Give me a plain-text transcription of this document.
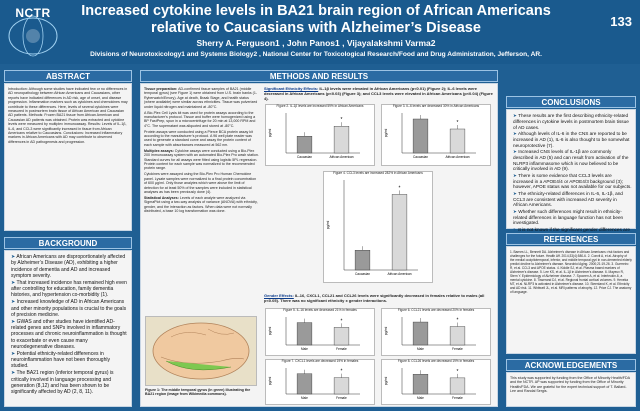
NCTR	Increased cytokine levels in BA21 brain region of African Americans
relative to Caucasians with Alzheimer’s Disease
Sherry A. Ferguson1 , John Panos1 , Vijayalakshmi Varma2
Divisions of Neurotoxicology1 and Systems Biology2 , National Center for Toxicological Research/Food and Drug Administration, Jefferson, AR.
133
ABSTRACT
Introduction: Although some studies have indicated few or no differences in AD neuropathology between African Americans and Caucasians, other reports have indicated differences in AD risk, age of onset, and disease progression. Inflammation markers such as cytokines and chemokines may contribute to these differences. Here, levels of several cytokines were measured in postmortem brain tissue of African American and Caucasian AD patients. Methods: Frozen BA21 tissue from African American and Caucasian AD patients was obtained. Protein was extracted and cytokine levels were measured by multiplex immunoassay. Results: Levels of IL-1β, IL-6, and CCL3 were significantly increased in tissue from African Americans relative to Caucasians. Conclusions: Increased inflammatory markers in African Americans with AD may contribute to observed differences in AD pathogenesis and progression.
BACKGROUND
➤ African Americans are disproportionately affected by Alzheimer’s Disease (AD), exhibiting a higher incidence of dementia and AD and increased symptom severity.
➤ That increased incidence has remained high even after controlling for education, family dementia histories, and hypertension co-morbidity (1).
➤ Increased knowledge of AD in African Americans and other minority populations is crucial to the goals of precision medicine.
➤ GWAS and other studies have identified AD-related genes and SNPs involved in inflammatory processes and chronic neuroinflammation is thought to exacerbate or even cause many neurodegenerative diseases.
➤ Potential ethnicity-related differences in neuroinflammation have not been thoroughly studied.
➤ The BA21 region (inferior temporal gyrus) is critically involved in language processing and generation (8,12) and has been shown to be significantly affected by AD (2, 8, 11).
METHODS AND RESULTS

Tissue preparation: AD-confirmed tissue samples of BA21 (middle temporal gyrus) (see Figure 1) were obtained from U.S. brain banks (1-Ryberwatch/Emory). Age at death, Braak Stage, and health status (where available) were similar across ethnicities. Tissue was pulverized under liquid nitrogen and maintained at -80°C.

A Bio-Plex Cell Lysis kit was used for protein assays according to the manufacturer’s protocol. Tissue and buffer were homogenized using a BP FastPrep, spun in a microcentrifuge for 20 min at 13,000 RPM and 4°C. The supernatant was aliquoted and stored at -80°C.

Protein assays were conducted using a Pierce BCA protein assay kit according to the manufacturer’s protocol. A 96 well plate reader was used to generate a standard curve and assay the protein content of each sample with absorbances measured at 562 nm.

Multiplex assays: Cytokine assays were conducted using a Bio-Plex 200 immunoassay system with an automated Bio-Plex Pro wash station. Standard curves for all assays were fitted using logistic 5PL regression. Protein content for each sample was normalized to the recommended protein range.

Cytokines were assayed using the Bio-Plex Pro Human Chemokine panel. Lysate samples were normalized to a final protein concentration of 600 µg/ml. Only those analytes which were above the limit of detection for at least 50% of the samples were included in statistical analyses as has been previously done (4).

Statistical Analyses: Levels of each analyte were analyzed via SigmaPlot using a two-way analysis of variance (ANOVA) with ethnicity, gender, and the interaction as factors. When data were not normally distributed, a base 10 log transformation was done.

Figure 1: The middle temporal gyrus (in green) illustrating the BA21 region (image from Wikimedia commons).
Significant Ethnicity Effects: IL-1β levels were elevated in African Americans (p<0.01) (Figure 2); IL-6 levels were decreased in African Americans (p<0.03) (Figure 3); and CCL3 levels were elevated in African Americans (p<0.04) (Figure 4).
Figure 2. IL-1β levels are increased 59% in African Americans
pg/ml
Caucasian	African American
*
Figure 3. IL-6 levels are decreased 30% in African Americans
pg/ml
Caucasian	African American
*
Figure 4. CCL3 levels are increased 282% in African Americans
pg/ml
Caucasian	African American
*
Gender Effects: IL-16, CXCL1, CCL21 and CCL26 levels were significantly decreased in females relative to males (all p<0.05). There was no significant ethnicity x gender interactions.
Figure 5. IL-16 levels are decreased 21% in females
pg/ml
Male	Female
*
Figure 6. CCL21 levels are decreased 20% in females
pg/ml
Male	Female
*
Figure 7. CXCL1 levels are decreased 19% in females
pg/ml
Male	Female
*
Figure 8. CCL26 levels are decreased 19% in females
pg/ml
Male	Female
*
CONCLUSIONS
➤ These results are the first describing ethnicity-related differences in cytokine levels in postmortem brain tissue of AD cases.
➤ Although levels of IL-6 in the CNS are reported to be increased in AD (1), IL-6 is also thought to be somewhat neuroprotective (7).
➤ Increased CNS levels of IL-1β are commonly described in AD (5) and can result from activation of the NLRP3 inflammasome which is now believed to be critically involved in AD (9).
➤ There is some evidence that CCL3 levels are increased in a APOE4/4 or APOE4/3 background (3); however, APOE status was not available for our subjects.
➤ The ethnicity-related differences in IL-6, IL-1β, and CCL3 are consistent with increased AD severity in African Americans.
➤ Whether such differences might result in ethnicity-related differences in language function has not been investigated.
➤ It is not known if the significant gender differences are
REFERENCES
1. Barnes LL, Bennett DA. Alzheimer's disease in African Americans: risk factors and challenges for the future. Health Aff. 2014;33(4):580-6. 2. Convit A, et al. Atrophy of the medial occipitotemporal, inferior, and middle temporal gyri in non-demented elderly predict decline to Alzheimer's disease. Neurobiol Aging. 2000;21:19-26. 3. Guerreiro R, et al. CCL3 and APOE status. 4. Kiddle SJ, et al. Plasma based markers of Alzheimer's disease. 5. Lee KS, et al. IL-1β in Alzheimer's disease. 6. Mayeux R, Stern Y. Epidemiology of Alzheimer disease. 7. Spooren A, et al. Interleukin-6, a mental cytokine. 8. Tisserand DJ, et al. Regional frontal cortical volumes. 9. Heneka MT, et al. NLRP3 is activated in Alzheimer's disease. 10. Steenland K, et al. Ethnicity and AD risk. 11. Whitwell JL, et al. MRI patterns of atrophy. 12. Price CJ. The anatomy of language.
ACKNOWLEDGEMENTS
This study was supported by funding from the Office of Minority Health/FDA and the NCTR. AP was supported by funding from the Office of Minority Health/FDA. We are grateful for the expert technical support of T. Ballard-Lee and Randal Sergis.
